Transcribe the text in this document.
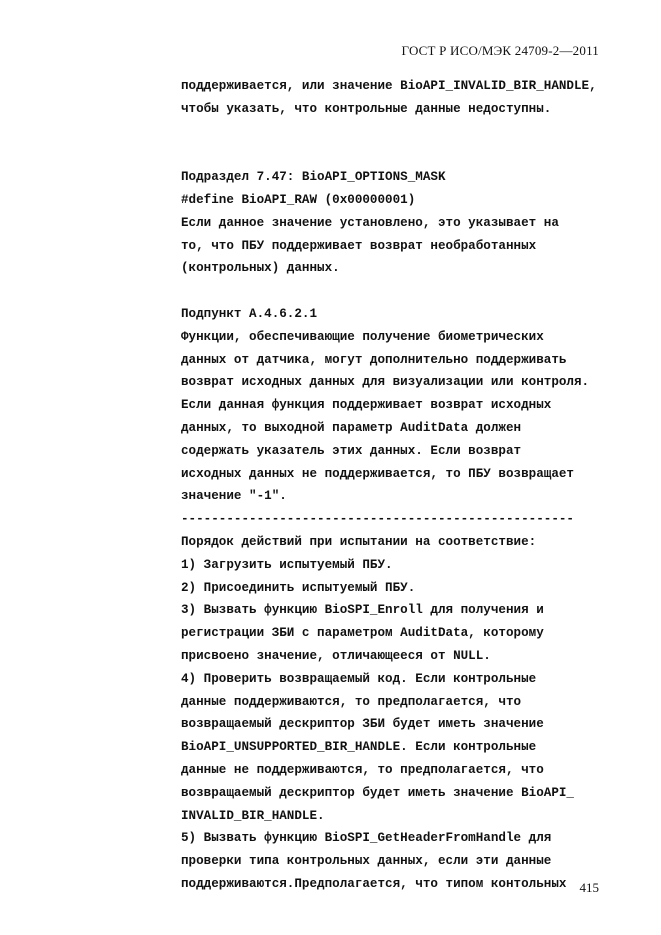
ГОСТ Р ИСО/МЭК 24709-2—2011
поддерживается, или значение BioAPI_INVALID_BIR_HANDLE,
чтобы указать, что контрольные данные недоступны.
Подраздел 7.47: BioAPI_OPTIONS_MASK
#define BioAPI_RAW (0x00000001)
Если данное значение установлено, это указывает на
то, что ПБУ поддерживает возврат необработанных
(контрольных) данных.
Подпункт А.4.6.2.1
Функции, обеспечивающие получение биометрических
данных от датчика, могут дополнительно поддерживать
возврат исходных данных для визуализации или контроля.
Если данная функция поддерживает возврат исходных
данных, то выходной параметр AuditData должен
содержать указатель этих данных. Если возврат
исходных данных не поддерживается, то ПБУ возвращает
значение "-1".
----------------------------------------------------
Порядок действий при испытании на соответствие:
1) Загрузить испытуемый ПБУ.
2) Присоединить испытуемый ПБУ.
3) Вызвать функцию BioSPI_Enroll для получения и
регистрации ЗБИ с параметром AuditData, которому
присвоено значение, отличающееся от NULL.
4) Проверить возвращаемый код. Если контрольные
данные поддерживаются, то предполагается, что
возвращаемый дескриптор ЗБИ будет иметь значение
BioAPI_UNSUPPORTED_BIR_HANDLE. Если контрольные
данные не поддерживаются, то предполагается, что
возвращаемый дескриптор будет иметь значение BioAPI_
INVALID_BIR_HANDLE.
5) Вызвать функцию BioSPI_GetHeaderFromHandle для
проверки типа контрольных данных, если эти данные
поддерживаются.Предполагается, что типом контольных	415
